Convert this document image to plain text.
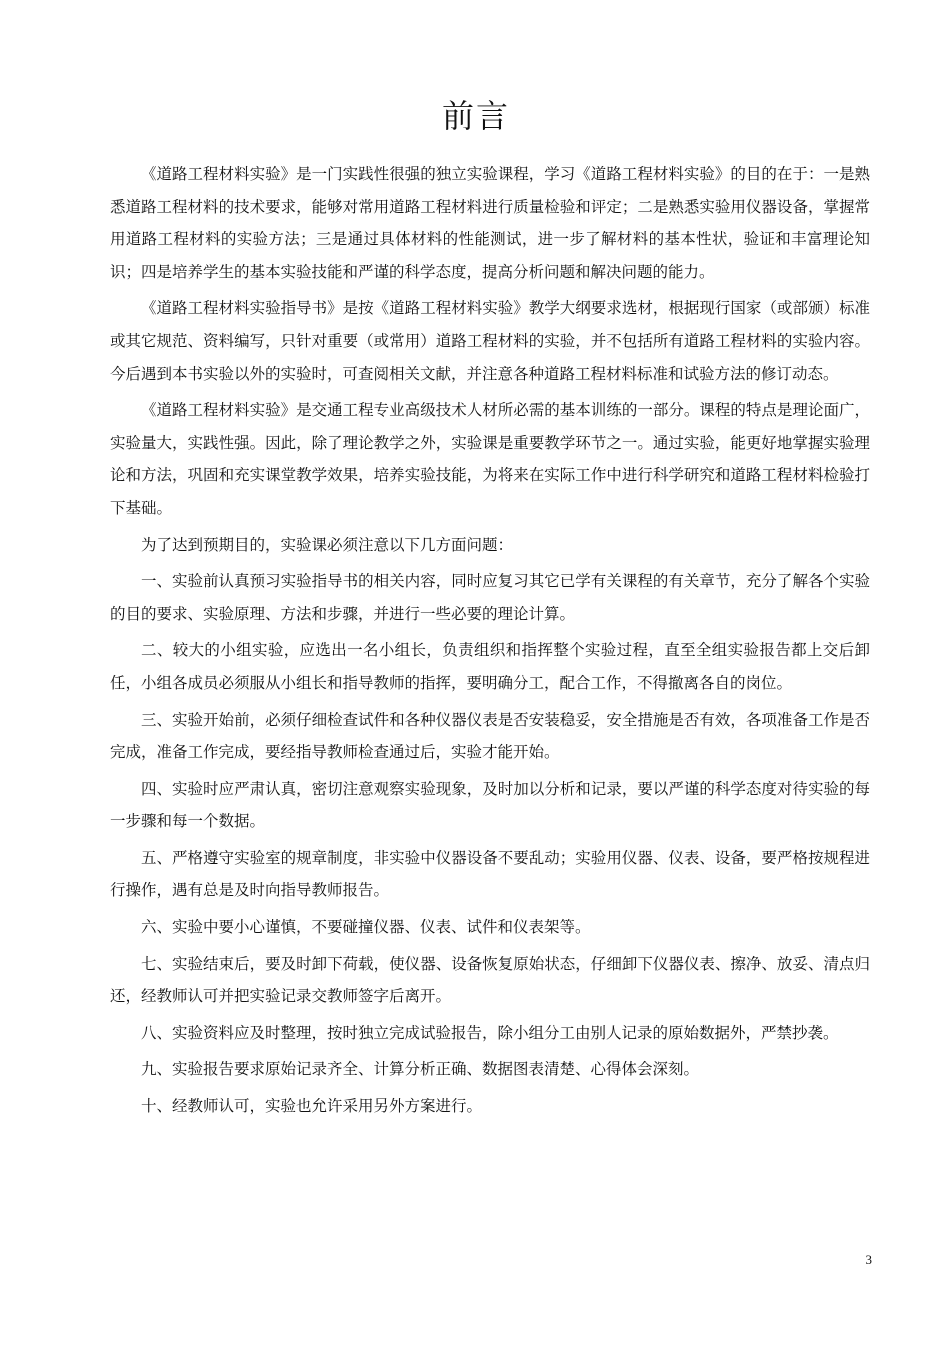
前言

《道路工程材料实验》是一门实践性很强的独立实验课程，学习《道路工程材料实验》的目的在于：一是熟悉道路工程材料的技术要求，能够对常用道路工程材料进行质量检验和评定；二是熟悉实验用仪器设备，掌握常用道路工程材料的实验方法；三是通过具体材料的性能测试，进一步了解材料的基本性状，验证和丰富理论知识；四是培养学生的基本实验技能和严谨的科学态度，提高分析问题和解决问题的能力。

《道路工程材料实验指导书》是按《道路工程材料实验》教学大纲要求选材，根据现行国家（或部颁）标准或其它规范、资料编写，只针对重要（或常用）道路工程材料的实验，并不包括所有道路工程材料的实验内容。今后遇到本书实验以外的实验时，可查阅相关文献，并注意各种道路工程材料标准和试验方法的修订动态。

《道路工程材料实验》是交通工程专业高级技术人材所必需的基本训练的一部分。课程的特点是理论面广，实验量大，实践性强。因此，除了理论教学之外，实验课是重要教学环节之一。通过实验，能更好地掌握实验理论和方法，巩固和充实课堂教学效果，培养实验技能，为将来在实际工作中进行科学研究和道路工程材料检验打下基础。

为了达到预期目的，实验课必须注意以下几方面问题：

一、实验前认真预习实验指导书的相关内容，同时应复习其它已学有关课程的有关章节，充分了解各个实验的目的要求、实验原理、方法和步骤，并进行一些必要的理论计算。

二、较大的小组实验，应选出一名小组长，负责组织和指挥整个实验过程，直至全组实验报告都上交后卸任，小组各成员必须服从小组长和指导教师的指挥，要明确分工，配合工作，不得撤离各自的岗位。

三、实验开始前，必须仔细检查试件和各种仪器仪表是否安装稳妥，安全措施是否有效，各项准备工作是否完成，准备工作完成，要经指导教师检查通过后，实验才能开始。

四、实验时应严肃认真，密切注意观察实验现象，及时加以分析和记录，要以严谨的科学态度对待实验的每一步骤和每一个数据。

五、严格遵守实验室的规章制度，非实验中仪器设备不要乱动；实验用仪器、仪表、设备，要严格按规程进行操作，遇有总是及时向指导教师报告。

六、实验中要小心谨慎，不要碰撞仪器、仪表、试件和仪表架等。

七、实验结束后，要及时卸下荷载，使仪器、设备恢复原始状态，仔细卸下仪器仪表、擦净、放妥、清点归还，经教师认可并把实验记录交教师签字后离开。

八、实验资料应及时整理，按时独立完成试验报告，除小组分工由别人记录的原始数据外，严禁抄袭。

九、实验报告要求原始记录齐全、计算分析正确、数据图表清楚、心得体会深刻。

十、经教师认可，实验也允许采用另外方案进行。

3
